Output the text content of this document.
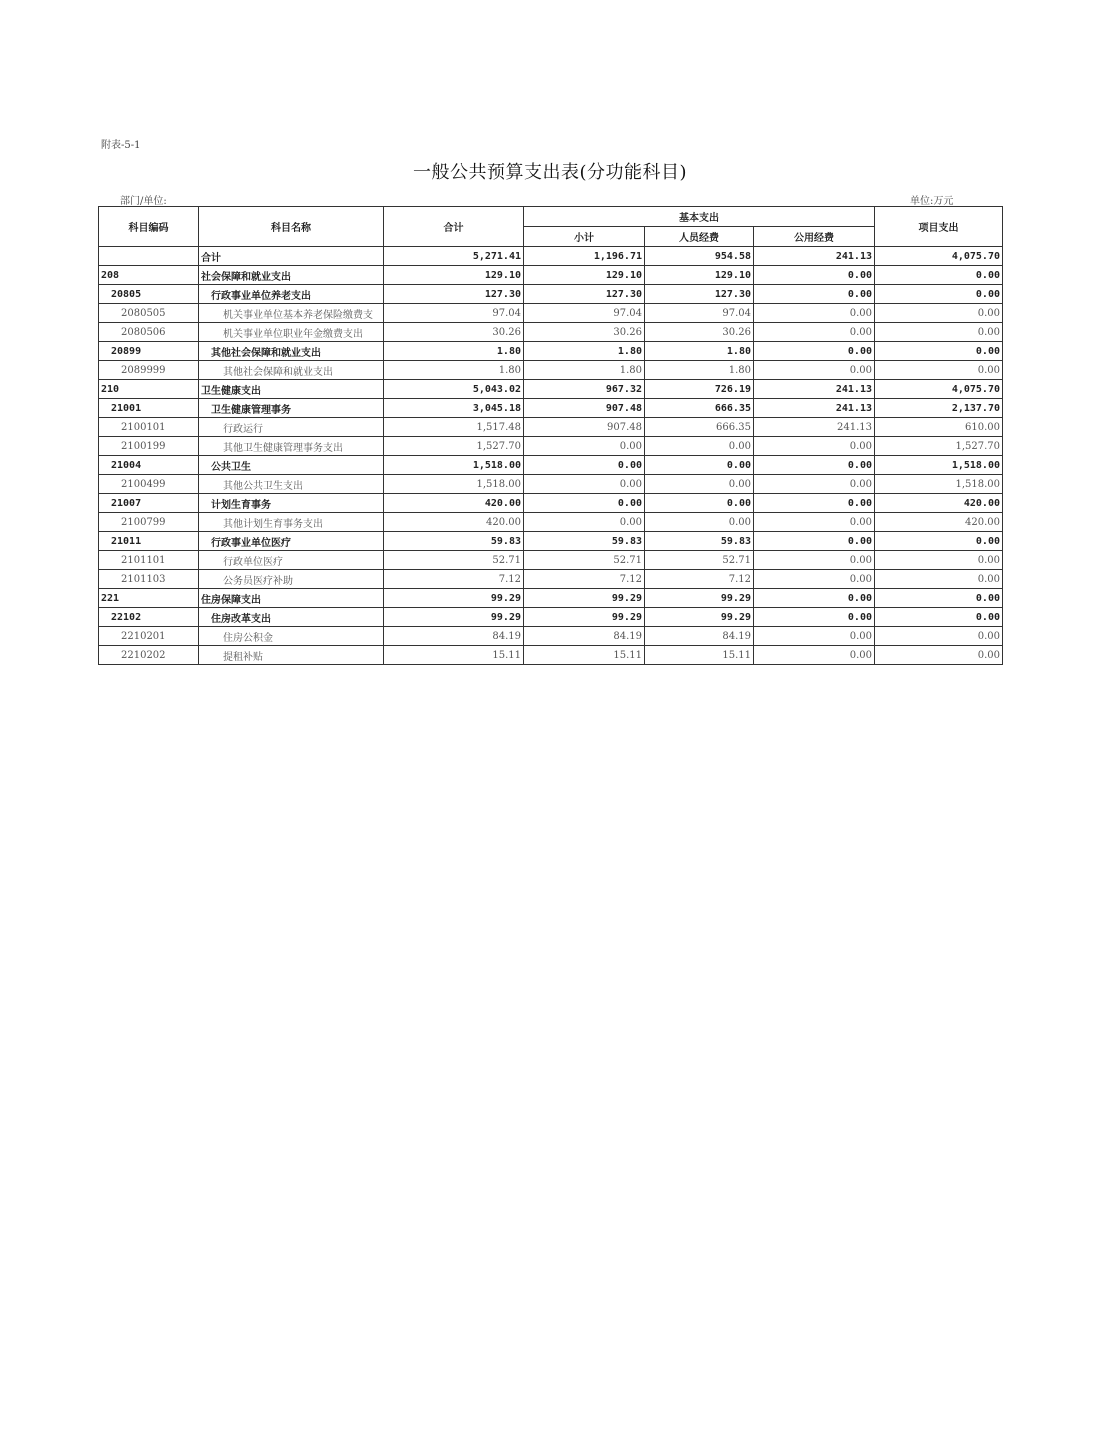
附表-5-1
一般公共预算支出表(分功能科目)
部门/单位:	单位:万元
科目编码	科目名称	合计	基本支出			项目支出
			小计	人员经费	公用经费	
	合计	5,271.41	1,196.71	954.58	241.13	4,075.70
208	社会保障和就业支出	129.10	129.10	129.10	0.00	0.00
20805	行政事业单位养老支出	127.30	127.30	127.30	0.00	0.00
2080505	机关事业单位基本养老保险缴费支	97.04	97.04	97.04	0.00	0.00
2080506	机关事业单位职业年金缴费支出	30.26	30.26	30.26	0.00	0.00
20899	其他社会保障和就业支出	1.80	1.80	1.80	0.00	0.00
2089999	其他社会保障和就业支出	1.80	1.80	1.80	0.00	0.00
210	卫生健康支出	5,043.02	967.32	726.19	241.13	4,075.70
21001	卫生健康管理事务	3,045.18	907.48	666.35	241.13	2,137.70
2100101	行政运行	1,517.48	907.48	666.35	241.13	610.00
2100199	其他卫生健康管理事务支出	1,527.70	0.00	0.00	0.00	1,527.70
21004	公共卫生	1,518.00	0.00	0.00	0.00	1,518.00
2100499	其他公共卫生支出	1,518.00	0.00	0.00	0.00	1,518.00
21007	计划生育事务	420.00	0.00	0.00	0.00	420.00
2100799	其他计划生育事务支出	420.00	0.00	0.00	0.00	420.00
21011	行政事业单位医疗	59.83	59.83	59.83	0.00	0.00
2101101	行政单位医疗	52.71	52.71	52.71	0.00	0.00
2101103	公务员医疗补助	7.12	7.12	7.12	0.00	0.00
221	住房保障支出	99.29	99.29	99.29	0.00	0.00
22102	住房改革支出	99.29	99.29	99.29	0.00	0.00
2210201	住房公积金	84.19	84.19	84.19	0.00	0.00
2210202	提租补贴	15.11	15.11	15.11	0.00	0.00
